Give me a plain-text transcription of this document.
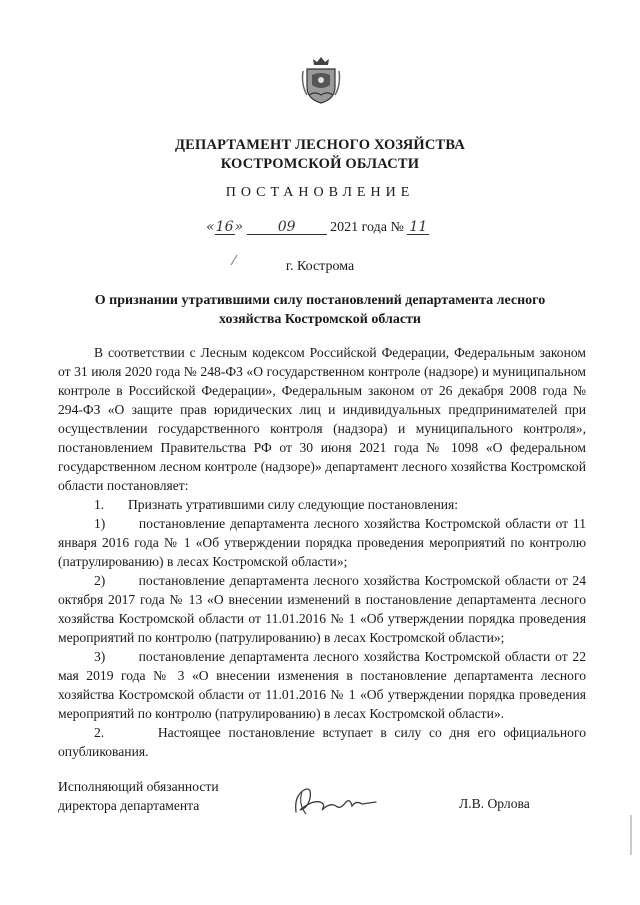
ДЕПАРТАМЕНТ ЛЕСНОГО ХОЗЯЙСТВА
КОСТРОМСКОЙ ОБЛАСТИ
ПОСТАНОВЛЕНИЕ
«16» 09 2021 года № 11
г. Кострома
О признании утратившими силу постановлений департамента лесного
хозяйства Костромской области

В соответствии с Лесным кодексом Российской Федерации, Федеральным законом от 31 июля 2020 года № 248-ФЗ «О государственном контроле (надзоре) и муниципальном контроле в Российской Федерации», Федеральным законом от 26 декабря 2008 года № 294-ФЗ «О защите прав юридических лиц и индивидуальных предпринимателей при осуществлении государственного контроля (надзора) и муниципального контроля», постановлением Правительства РФ от 30 июня 2021 года № 1098 «О федеральном государственном лесном контроле (надзоре)» департамент лесного хозяйства Костромской области постановляет:

1.       Признать утратившими силу следующие постановления:

1)       постановление департамента лесного хозяйства Костромской области от 11 января 2016 года № 1 «Об утверждении порядка проведения мероприятий по контролю (патрулированию) в лесах Костромской области»;

2)       постановление департамента лесного хозяйства Костромской области от 24 октября 2017 года № 13 «О внесении изменений в постановление департамента лесного хозяйства Костромской области от 11.01.2016 № 1 «Об утверждении порядка проведения мероприятий по контролю (патрулированию) в лесах Костромской области»;

3)       постановление департамента лесного хозяйства Костромской области от 22 мая 2019 года № 3 «О внесении изменения в постановление департамента лесного хозяйства Костромской области от 11.01.2016 № 1 «Об утверждении порядка проведения мероприятий по контролю (патрулированию) в лесах Костромской области».

2.       Настоящее постановление вступает в силу со дня его официального опубликования.

Исполняющий обязанности
директора департамента	Л.В. Орлова
